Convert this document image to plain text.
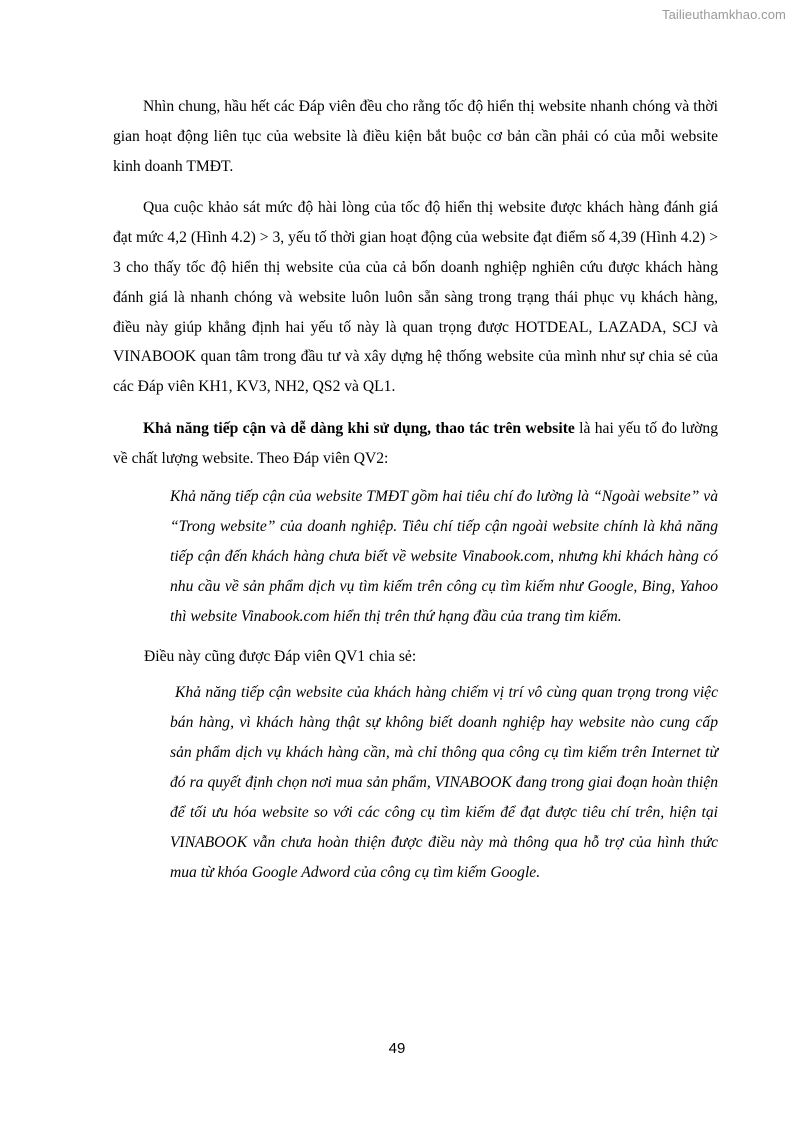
Tailieuthamkhao.com

Nhìn chung, hầu hết các Đáp viên đều cho rằng tốc độ hiển thị website nhanh chóng và thời gian hoạt động liên tục của website là điều kiện bắt buộc cơ bản cần phải có của mỗi website kinh doanh TMĐT.

Qua cuộc khảo sát mức độ hài lòng của tốc độ hiển thị website được khách hàng đánh giá đạt mức 4,2 (Hình 4.2) > 3, yếu tố thời gian hoạt động của website đạt điểm số 4,39 (Hình 4.2) > 3 cho thấy tốc độ hiển thị website của của cả bốn doanh nghiệp nghiên cứu được khách hàng đánh giá là nhanh chóng và website luôn luôn sẵn sàng trong trạng thái phục vụ khách hàng, điều này giúp khẳng định hai yếu tố này là quan trọng được HOTDEAL, LAZADA, SCJ và VINABOOK quan tâm trong đầu tư và xây dựng hệ thống website của mình như sự chia sẻ của các Đáp viên KH1, KV3, NH2, QS2 và QL1.

Khả năng tiếp cận và dễ dàng khi sử dụng, thao tác trên website là hai yếu tố đo lường về chất lượng website. Theo Đáp viên QV2:

Khả năng tiếp cận của website TMĐT gồm hai tiêu chí đo lường là “Ngoài website” và “Trong website” của doanh nghiệp. Tiêu chí tiếp cận ngoài website chính là khả năng tiếp cận đến khách hàng chưa biết về website Vinabook.com, nhưng khi khách hàng có nhu cầu về sản phẩm dịch vụ tìm kiếm trên công cụ tìm kiếm như Google, Bing, Yahoo thì website Vinabook.com hiển thị trên thứ hạng đầu của trang tìm kiếm.

Điều này cũng được Đáp viên QV1 chia sẻ:

Khả năng tiếp cận website của khách hàng chiếm vị trí vô cùng quan trọng trong việc bán hàng, vì khách hàng thật sự không biết doanh nghiệp hay website nào cung cấp sản phẩm dịch vụ khách hàng cần, mà chỉ thông qua công cụ tìm kiếm trên Internet từ đó ra quyết định chọn nơi mua sản phẩm, VINABOOK đang trong giai đoạn hoàn thiện để tối ưu hóa website so với các công cụ tìm kiếm để đạt được tiêu chí trên, hiện tại VINABOOK vẫn chưa hoàn thiện được điều này mà thông qua hỗ trợ của hình thức mua từ khóa Google Adword của công cụ tìm kiếm Google.

49
